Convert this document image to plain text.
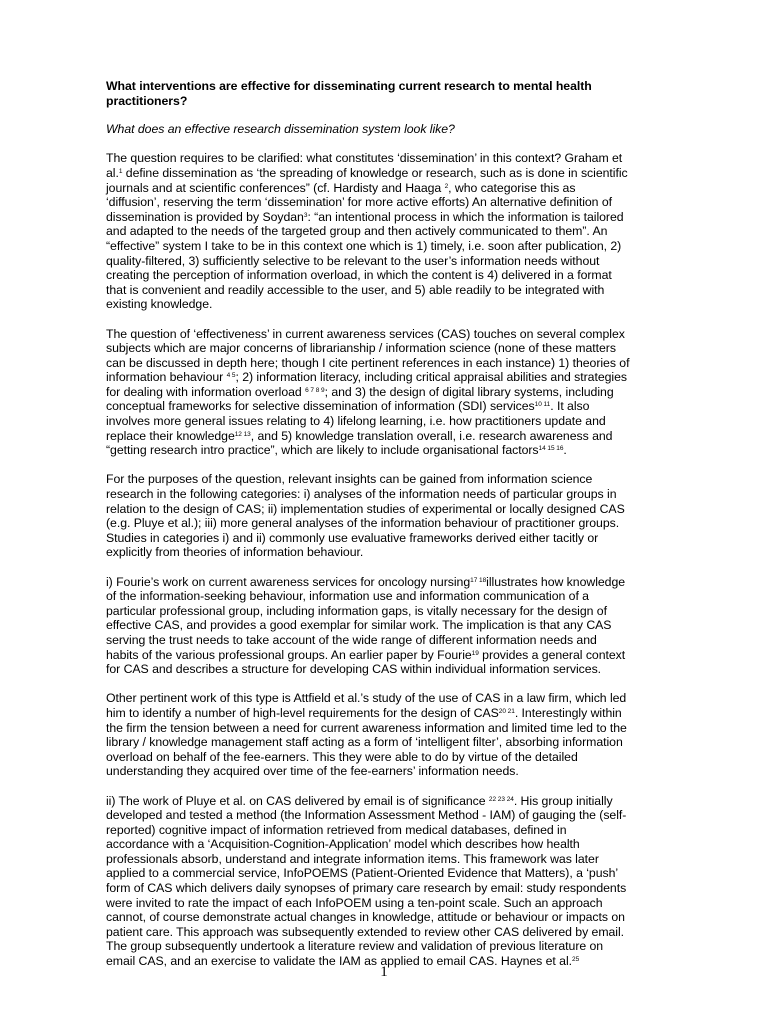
What interventions are effective for disseminating current research to mental health

practitioners?

What does an effective research dissemination system look like?

The question requires to be clarified: what constitutes ‘dissemination’ in this context? Graham et

al.$^1$ define dissemination as ‘the spreading of knowledge or research, such as is done in scientific

journals and at scientific conferences” (cf. Hardisty and Haaga $^2$, who categorise this as

‘diffusion’, reserving the term ‘dissemination’ for more active efforts) An alternative definition of

dissemination is provided by Soydan$^3$: “an intentional process in which the information is tailored

and adapted to the needs of the targeted group and then actively communicated to them”. An

“effective” system I take to be in this context one which is 1) timely, i.e. soon after publication, 2)

quality-filtered, 3) sufficiently selective to be relevant to the user’s information needs without

creating the perception of information overload, in which the content is 4) delivered in a format

that is convenient and readily accessible to the user, and 5) able readily to be integrated with

existing knowledge.

The question of ‘effectiveness’ in current awareness services (CAS) touches on several complex

subjects which are major concerns of librarianship / information science (none of these matters

can be discussed in depth here; though I cite pertinent references in each instance) 1) theories of

information behaviour $^{4 5}$; 2) information literacy, including critical appraisal abilities and strategies

for dealing with information overload $^{6 7 8 9}$; and 3) the design of digital library systems, including

conceptual frameworks for selective dissemination of information (SDI) services$^{10 11}$. It also

involves more general issues relating to 4) lifelong learning, i.e. how practitioners update and

replace their knowledge$^{12 13}$, and 5) knowledge translation overall, i.e. research awareness and

“getting research intro practice”, which are likely to include organisational factors$^{14 15 16}$.

For the purposes of the question, relevant insights can be gained from information science

research in the following categories: i) analyses of the information needs of particular groups in

relation to the design of CAS; ii) implementation studies of experimental or locally designed CAS

(e.g. Pluye et al.); iii) more general analyses of the information behaviour of practitioner groups.

Studies in categories i) and ii) commonly use evaluative frameworks derived either tacitly or

explicitly from theories of information behaviour.

i) Fourie’s work on current awareness services for oncology nursing$^{17 18}$illustrates how knowledge

of the information-seeking behaviour, information use and information communication of a

particular professional group, including information gaps, is vitally necessary for the design of

effective CAS, and provides a good exemplar for similar work. The implication is that any CAS

serving the trust needs to take account of the wide range of different information needs and

habits of the various professional groups. An earlier paper by Fourie$^{19}$ provides a general context

for CAS and describes a structure for developing CAS within individual information services.

Other pertinent work of this type is Attfield et al.’s study of the use of CAS in a law firm, which led

him to identify a number of high-level requirements for the design of $CAS^{20 21}$. Interestingly within

the firm the tension between a need for current awareness information and limited time led to the

library / knowledge management staff acting as a form of ‘intelligent filter’, absorbing information

overload on behalf of the fee-earners. This they were able to do by virtue of the detailed

understanding they acquired over time of the fee-earners’ information needs.

ii) The work of Pluye et al. on CAS delivered by email is of significance $^{22 23 24}$. His group initially

developed and tested a method (the Information Assessment Method - IAM) of gauging the (self-

reported) cognitive impact of information retrieved from medical databases, defined in

accordance with a ‘Acquisition-Cognition-Application’ model which describes how health

professionals absorb, understand and integrate information items. This framework was later

applied to a commercial service, InfoPOEMS (Patient-Oriented Evidence that Matters), a ‘push’

form of CAS which delivers daily synopses of primary care research by email: study respondents

were invited to rate the impact of each InfoPOEM using a ten-point scale. Such an approach

cannot, of course demonstrate actual changes in knowledge, attitude or behaviour or impacts on

patient care. This approach was subsequently extended to review other CAS delivered by email.

The group subsequently undertook a literature review and validation of previous literature on

email CAS, and an exercise to validate the IAM as applied to email CAS. Haynes et al.$^{25}$

1
